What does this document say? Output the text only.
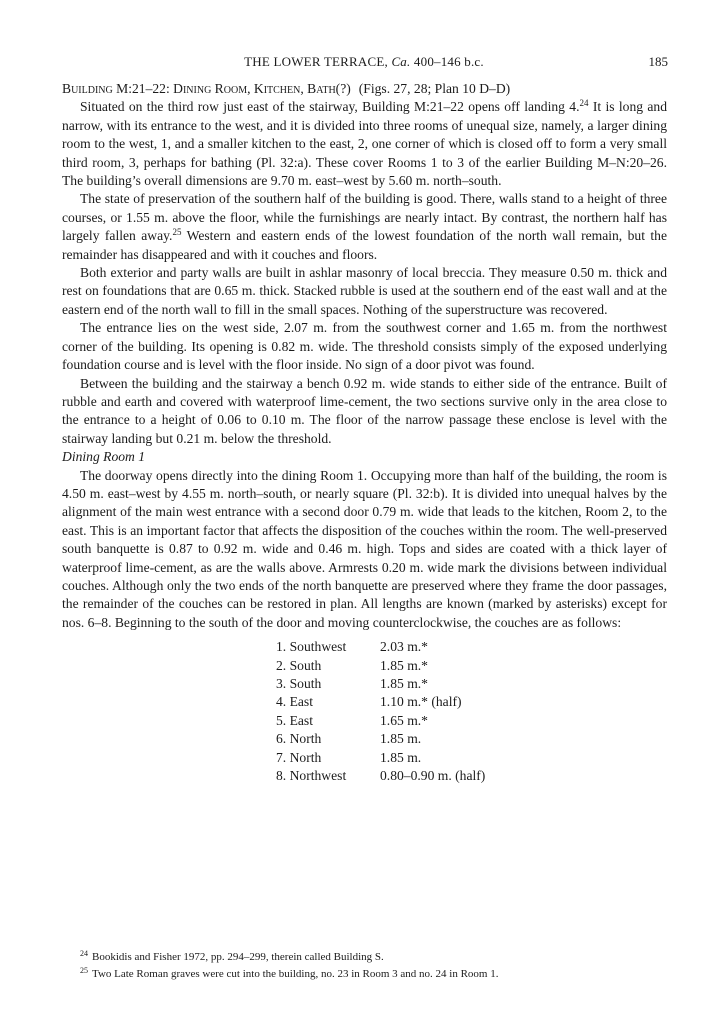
THE LOWER TERRACE, Ca. 400–146 b.c.	185
Building M:21–22: Dining Room, Kitchen, Bath(?) (Figs. 27, 28; Plan 10 D–D)

Situated on the third row just east of the stairway, Building M:21–22 opens off landing 4.24 It is long and narrow, with its entrance to the west, and it is divided into three rooms of unequal size, namely, a larger dining room to the west, 1, and a smaller kitchen to the east, 2, one corner of which is closed off to form a very small third room, 3, perhaps for bathing (Pl. 32:a). These cover Rooms 1 to 3 of the earlier Building M–N:20–26. The building’s overall dimensions are 9.70 m. east–west by 5.60 m. north–south.

The state of preservation of the southern half of the building is good. There, walls stand to a height of three courses, or 1.55 m. above the floor, while the furnishings are nearly intact. By contrast, the northern half has largely fallen away.$^{25}$ Western and eastern ends of the lowest foundation of the north wall remain, but the remainder has disappeared and with it couches and floors.

Both exterior and party walls are built in ashlar masonry of local breccia. They measure 0.50 m. thick and rest on foundations that are 0.65 m. thick. Stacked rubble is used at the southern end of the east wall and at the eastern end of the north wall to fill in the small spaces. Nothing of the superstructure was recovered.

The entrance lies on the west side, 2.07 m. from the southwest corner and 1.65 m. from the northwest corner of the building. Its opening is 0.82 m. wide. The threshold consists simply of the exposed underlying foundation course and is level with the floor inside. No sign of a door pivot was found.

Between the building and the stairway a bench 0.92 m. wide stands to either side of the entrance. Built of rubble and earth and covered with waterproof lime-cement, the two sections survive only in the area close to the entrance to a height of 0.06 to 0.10 m. The floor of the narrow passage these enclose is level with the stairway landing but 0.21 m. below the threshold.

Dining Room 1

The doorway opens directly into the dining Room 1. Occupying more than half of the building, the room is 4.50 m. east–west by 4.55 m. north–south, or nearly square (Pl. 32:b). It is divided into unequal halves by the alignment of the main west entrance with a second door 0.79 m. wide that leads to the kitchen, Room 2, to the east. This is an important factor that affects the disposition of the couches within the room. The well-preserved south banquette is 0.87 to 0.92 m. wide and 0.46 m. high. Tops and sides are coated with a thick layer of waterproof lime-cement, as are the walls above. Armrests 0.20 m. wide mark the divisions between individual couches. Although only the two ends of the north banquette are preserved where they frame the door passages, the remainder of the couches can be restored in plan. All lengths are known (marked by asterisks) except for nos. 6–8. Beginning to the south of the door and moving counterclockwise, the couches are as follows:

1. Southwest	2.03 m.*
2. South	1.85 m.*
3. South	1.85 m.*
4. East	1.10 m.* (half)
5. East	1.65 m.*
6. North	1.85 m.
7. North	1.85 m.
8. Northwest	0.80–0.90 m. (half)

$^{24}$ Bookidis and Fisher 1972, pp. 294–299, therein called Building S.

$^{25}$ Two Late Roman graves were cut into the building, no. 23 in Room 3 and no. 24 in Room 1.
